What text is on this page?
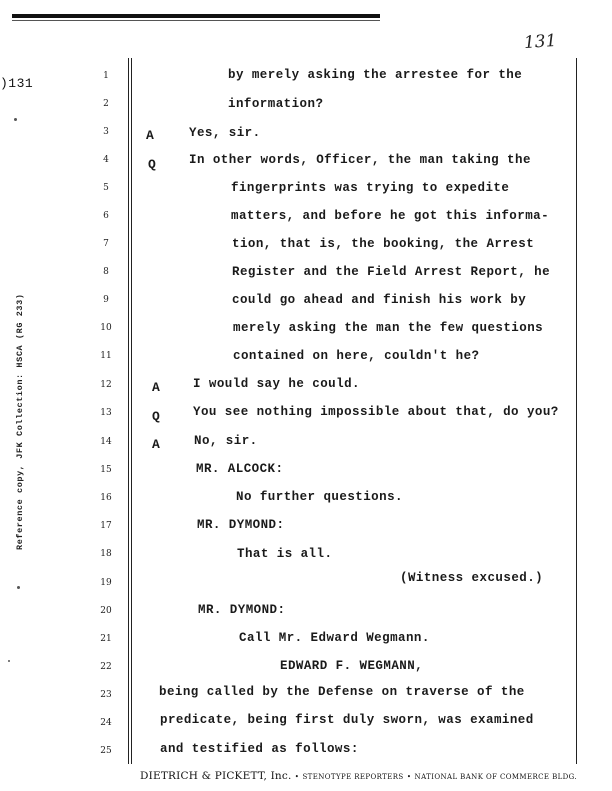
131
)131
Reference copy, JFK Collection: HSCA (RG 233)
1
2
3
4
5
6
7
8
9
10
11
12
13
14
15
16
17
18
19
20
21
22
23
24
25
A
Q
A
Q
A
by merely asking the arrestee for the
information?
Yes, sir.
In other words, Officer, the man taking the
fingerprints was trying to expedite
matters, and before he got this informa-
tion, that is, the booking, the Arrest
Register and the Field Arrest Report, he
could go ahead and finish his work by
merely asking the man the few questions
contained on here, couldn't he?
I would say he could.
You see nothing impossible about that, do you?
No, sir.
MR. ALCOCK:
No further questions.
MR. DYMOND:
That is all.
(Witness excused.)
MR. DYMOND:
Call Mr. Edward Wegmann.
EDWARD F. WEGMANN,
being called by the Defense on traverse of the
predicate, being first duly sworn, was examined
and testified as follows:
DIETRICH & PICKETT, Inc. • STENOTYPE REPORTERS • NATIONAL BANK OF COMMERCE BLDG.
